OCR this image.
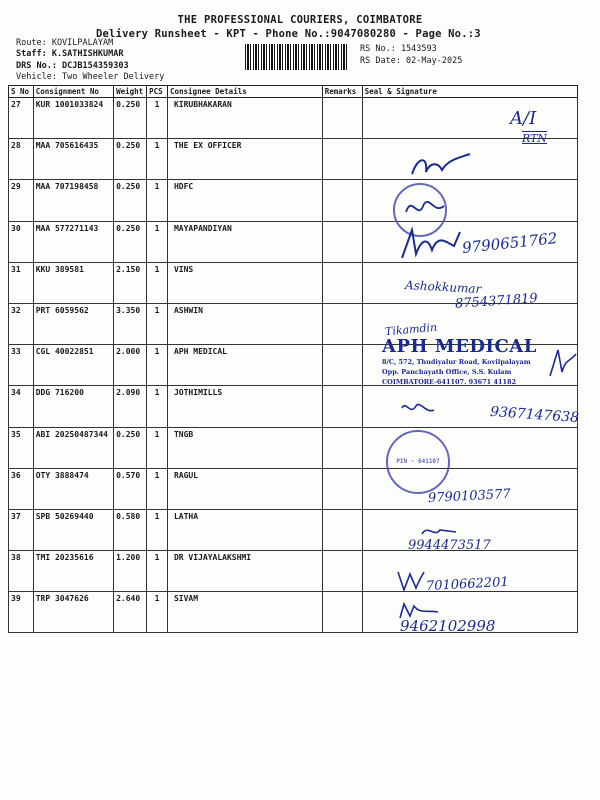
THE PROFESSIONAL COURIERS, COIMBATORE
Delivery Runsheet - KPT - Phone No.:9047080280 - Page No.:3
Route: KOVILPALAYAM
Staff: K.SATHISHKUMAR
DRS No.: DCJB154359303
Vehicle: Two Wheeler Delivery
RS No.: 1543593
RS Date: 02-May-2025
S No	Consignment No	Weight	PCS	Consignee Details	Remarks	Seal & Signature
27	KUR 1001033824	0.250	1	KIRUBHAKARAN		
28	MAA 705616435	0.250	1	THE EX OFFICER		
29	MAA 707198458	0.250	1	HDFC		
30	MAA 577271143	0.250	1	MAYAPANDIYAN		
31	KKU 389581	2.150	1	VINS		
32	PRT 6059562	3.350	1	ASHWIN		
33	CGL 40022851	2.000	1	APH MEDICAL		
34	DDG 716200	2.090	1	JOTHIMILLS		
35	ABI 20250487344	0.250	1	TNGB		
36	OTY 3888474	0.570	1	RAGUL		
37	SPB 50269440	0.580	1	LATHA		
38	TMI 20235616	1.200	1	DR VIJAYALAKSHMI		
39	TRP 3047626	2.640	1	SIVAM		
A/I
RTN
9790651762
Ashokkumar
8754371819
Tikamdin
APH MEDICAL
8/C, 572, Thudiyalur Road, Kovilpalayam
Opp. Panchayath Office, S.S. Kulam
COIMBATORE-641107. 93671 41182
9367147638
PIN - 641107
9790103577
9944473517
7010662201
9462102998
